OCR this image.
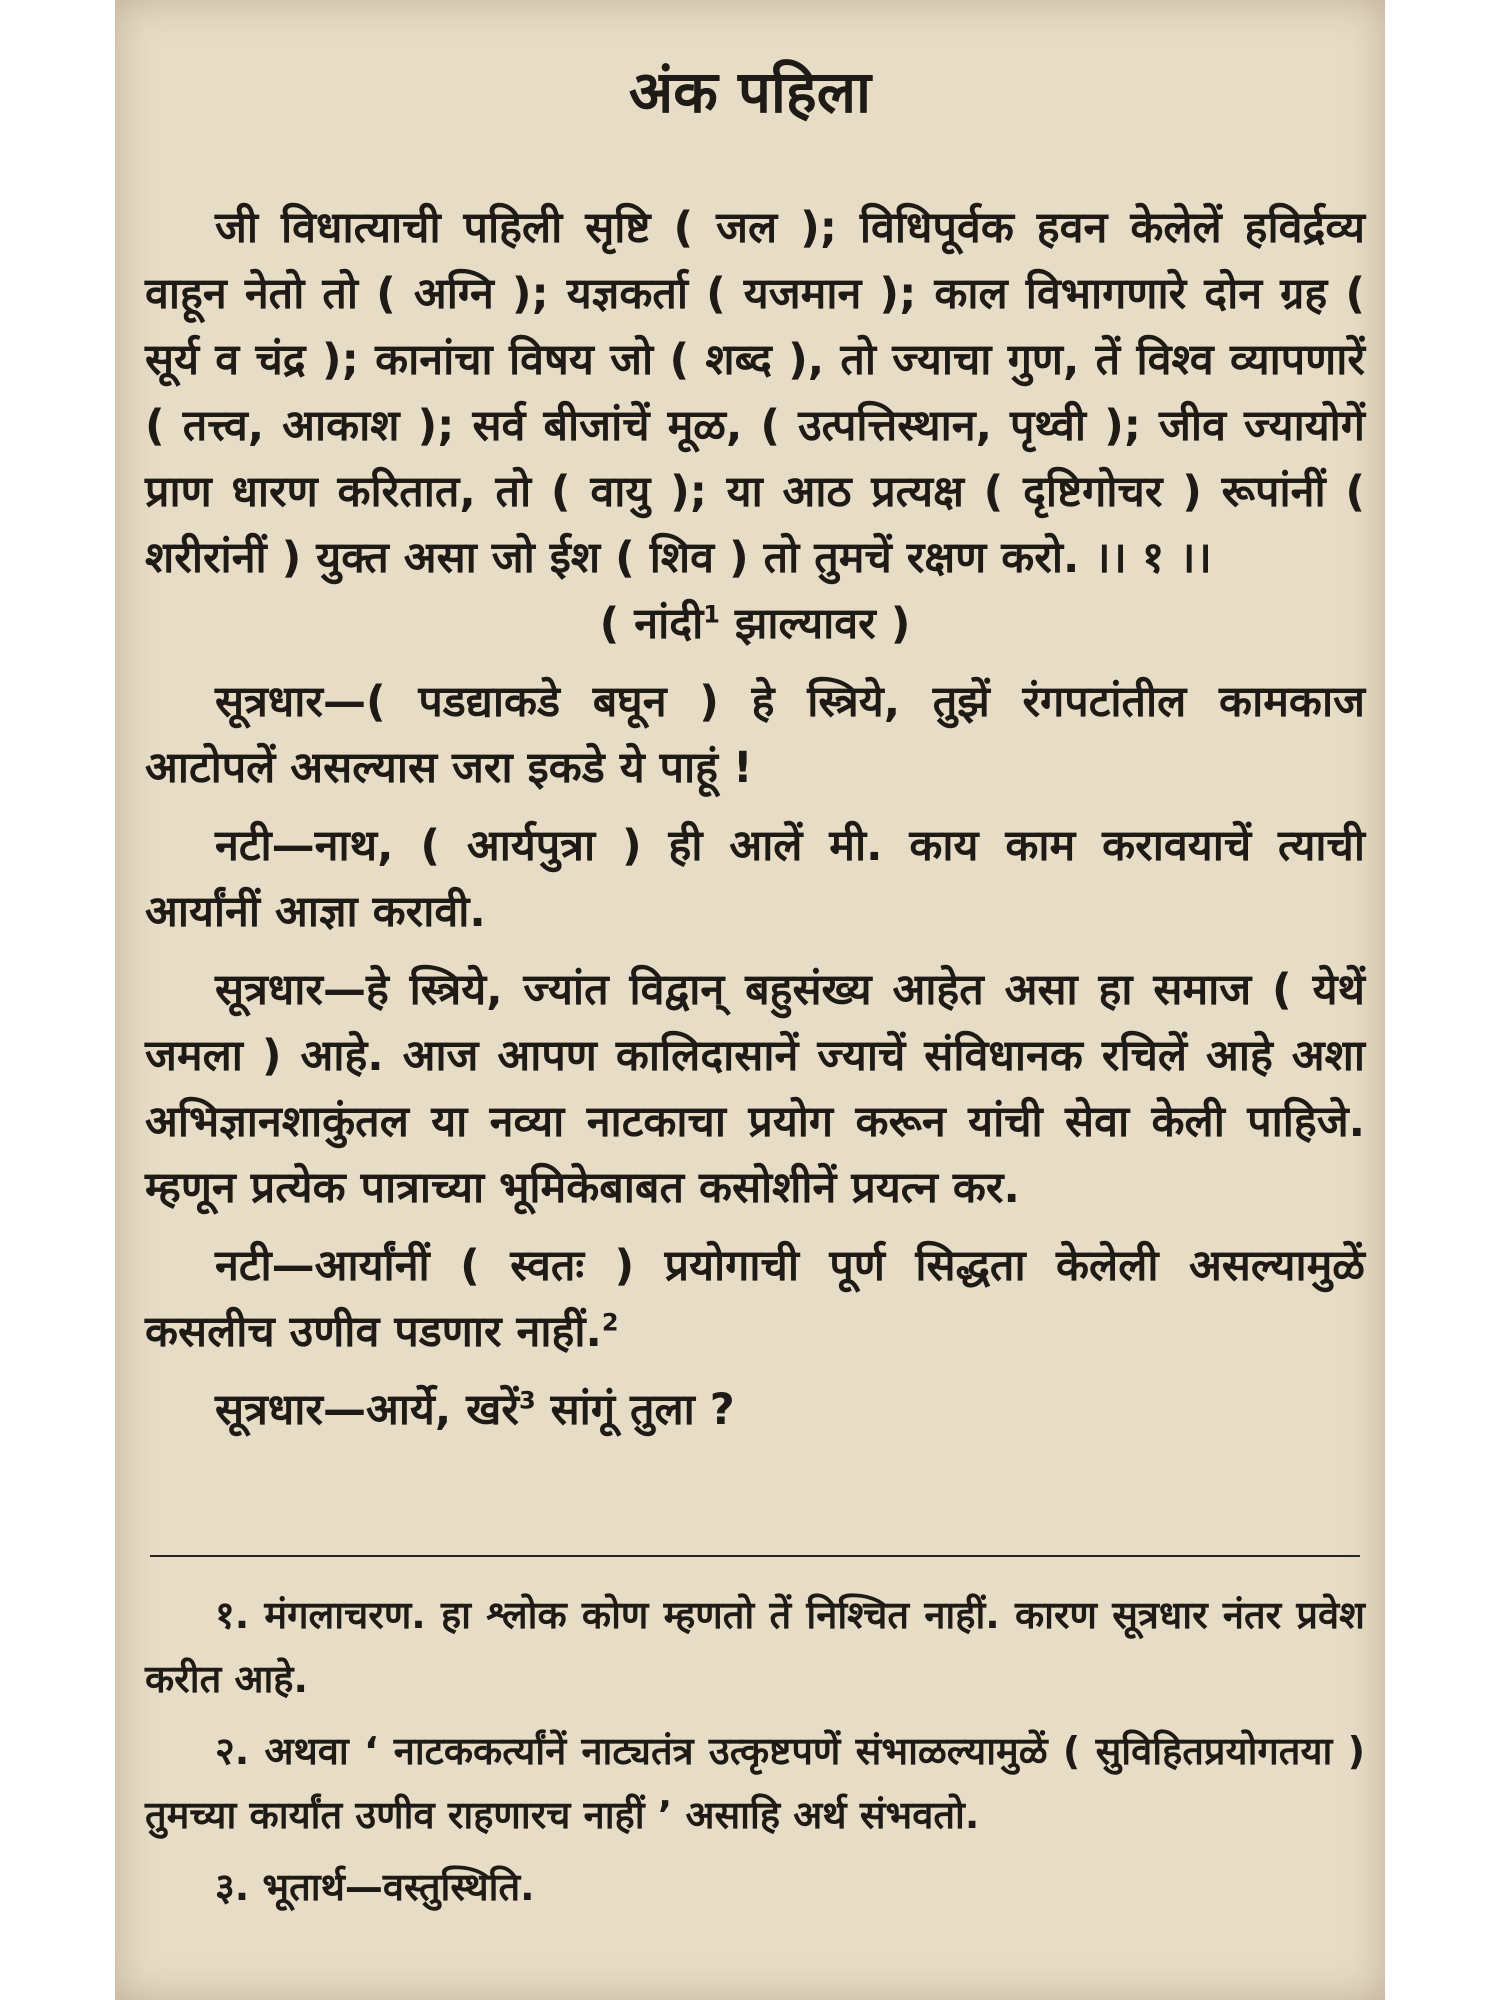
अंक पहिला

जी विधात्याची पहिली सृष्टि ( जल ); विधिपूर्वक हवन केलेलें हविर्द्रव्य वाहून नेतो तो ( अग्नि ); यज्ञकर्ता ( यजमान ); काल विभागणारे दोन ग्रह ( सूर्य व चंद्र ); कानांचा विषय जो ( शब्द ), तो ज्याचा गुण, तें विश्व व्यापणारें ( तत्त्व, आकाश ); सर्व बीजांचें मूळ, ( उत्पत्तिस्थान, पृथ्वी ); जीव ज्यायोगें प्राण धारण करितात, तो ( वायु ); या आठ प्रत्यक्ष ( दृष्टिगोचर ) रूपांनीं ( शरीरांनीं ) युक्त असा जो ईश ( शिव ) तो तुमचें रक्षण करो. ।। १ ।।

( नांदी$^1$ झाल्यावर )

सूत्रधार—( पडद्याकडे बघून ) हे स्त्रिये, तुझें रंगपटांतील कामकाज आटोपलें असल्यास जरा इकडे ये पाहूं !

नटी—नाथ, ( आर्यपुत्रा ) ही आलें मी. काय काम करावयाचें त्याची आर्यांनीं आज्ञा करावी.

सूत्रधार—हे स्त्रिये, ज्यांत विद्वान् बहुसंख्य आहेत असा हा समाज ( येथें जमला ) आहे. आज आपण कालिदासानें ज्याचें संविधानक रचिलें आहे अशा अभिज्ञानशाकुंतल या नव्या नाटकाचा प्रयोग करून यांची सेवा केली पाहिजे. म्हणून प्रत्येक पात्राच्या भूमिकेबाबत कसोशीनें प्रयत्न कर.

नटी—आर्यांनीं ( स्वतः ) प्रयोगाची पूर्ण सिद्धता केलेली असल्यामुळें कसलीच उणीव पडणार नाहीं.$^2$

सूत्रधार—आर्ये, खरें$^3$ सांगूं तुला ?

१. मंगलाचरण. हा श्लोक कोण म्हणतो तें निश्चित नाहीं. कारण सूत्रधार नंतर प्रवेश करीत आहे.

२. अथवा ‘ नाटककर्त्यांनें नाट्यतंत्र उत्कृष्टपणें संभाळल्यामुळें ( सुविहितप्रयोगतया ) तुमच्या कार्यांत उणीव राहणारच नाहीं ’ असाहि अर्थ संभवतो.

३. भूतार्थ—वस्तुस्थिति.
